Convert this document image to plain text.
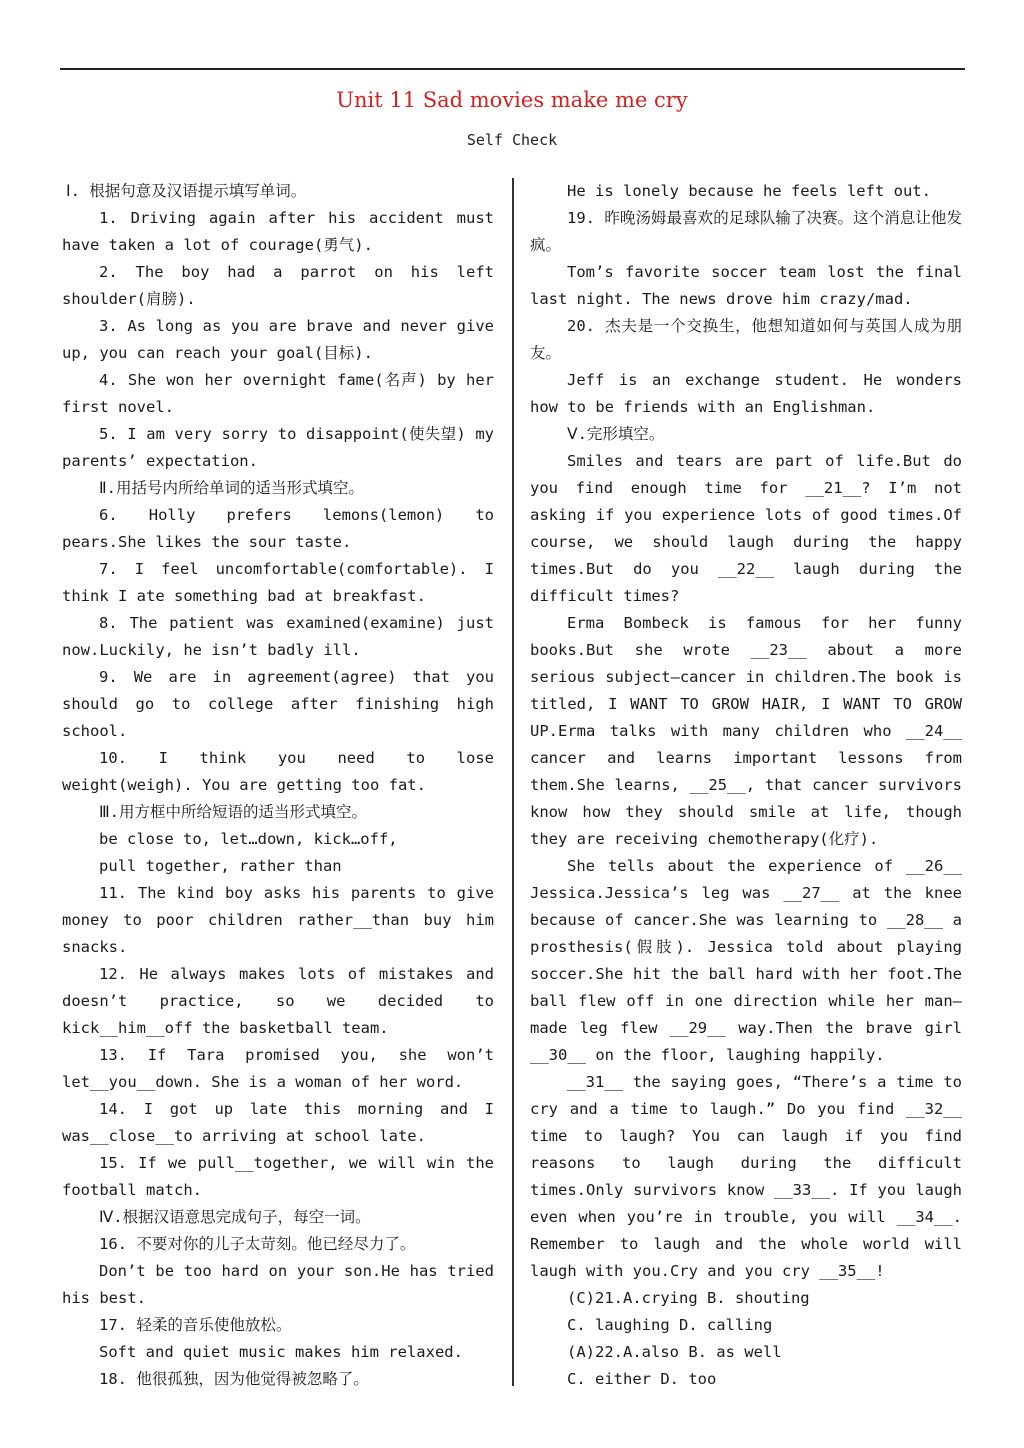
Unit 11 Sad movies make me cry
Self Check

Ⅰ. 根据句意及汉语提示填写单词。

1. Driving again after his accident must have taken a lot of courage(勇气).

2. The boy had a parrot on his left shoulder(肩膀).

3. As long as you are brave and never give up, you can reach your goal(目标).

4. She won her overnight fame(名声) by her first novel.

5. I am very sorry to disappoint(使失望) my parents’ expectation.

Ⅱ.用括号内所给单词的适当形式填空。

6. Holly prefers lemons(lemon) to pears.She likes the sour taste.

7. I feel uncomfortable(comfortable). I think I ate something bad at breakfast.

8. The patient was examined(examine) just now.Luckily, he isn’t badly ill.

9. We are in agreement(agree) that you should go to college after finishing high school.

10. I think you need to lose weight(weigh). You are getting too fat.

Ⅲ.用方框中所给短语的适当形式填空。

be close to, let…down, kick…off,

pull together, rather than

11. The kind boy asks his parents to give money to poor children rather__than buy him snacks.

12. He always makes lots of mistakes and doesn’t practice, so we decided to kick__him__off the basketball team.

13. If Tara promised you, she won’t let__you__down. She is a woman of her word.

14. I got up late this morning and I was__close__to arriving at school late.

15. If we pull__together, we will win the football match.

Ⅳ.根据汉语意思完成句子，每空一词。

16. 不要对你的儿子太苛刻。他已经尽力了。

Don’t be too hard on your son.He has tried his best.

17. 轻柔的音乐使他放松。

Soft and quiet music makes him relaxed.

18. 他很孤独，因为他觉得被忽略了。

He is lonely because he feels left out.

19. 昨晚汤姆最喜欢的足球队输了决赛。这个消息让他发疯。

Tom’s favorite soccer team lost the final last night. The news drove him crazy/mad.

20. 杰夫是一个交换生，他想知道如何与英国人成为朋友。

Jeff is an exchange student. He wonders how to be friends with an Englishman.

Ⅴ.完形填空。

Smiles and tears are part of life.But do you find enough time for __21__? I’m not asking if you experience lots of good times.Of course, we should laugh during the happy times.But do you __22__ laugh during the difficult times?

Erma Bombeck is famous for her funny books.But she wrote __23__ about a more serious subject—cancer in children.The book is titled, I WANT TO GROW HAIR, I WANT TO GROW UP.Erma talks with many children who __24__ cancer and learns important lessons from them.She learns, __25__, that cancer survivors know how they should smile at life, though they are receiving chemotherapy(化疗).

She tells about the experience of __26__ Jessica.Jessica’s leg was __27__ at the knee because of cancer.She was learning to __28__ a prosthesis(假肢). Jessica told about playing soccer.She hit the ball hard with her foot.The ball flew off in one direction while her man—made leg flew __29__ way.Then the brave girl __30__ on the floor, laughing happily.

__31__ the saying goes, “There’s a time to cry and a time to laugh.” Do you find __32__ time to laugh? You can laugh if you find reasons to laugh during the difficult times.Only survivors know __33__. If you laugh even when you’re in trouble, you will __34__. Remember to laugh and the whole world will laugh with you.Cry and you cry __35__!

(C)21.A.crying B. shouting

C. laughing D. calling

(A)22.A.also B. as well

C. either D. too
